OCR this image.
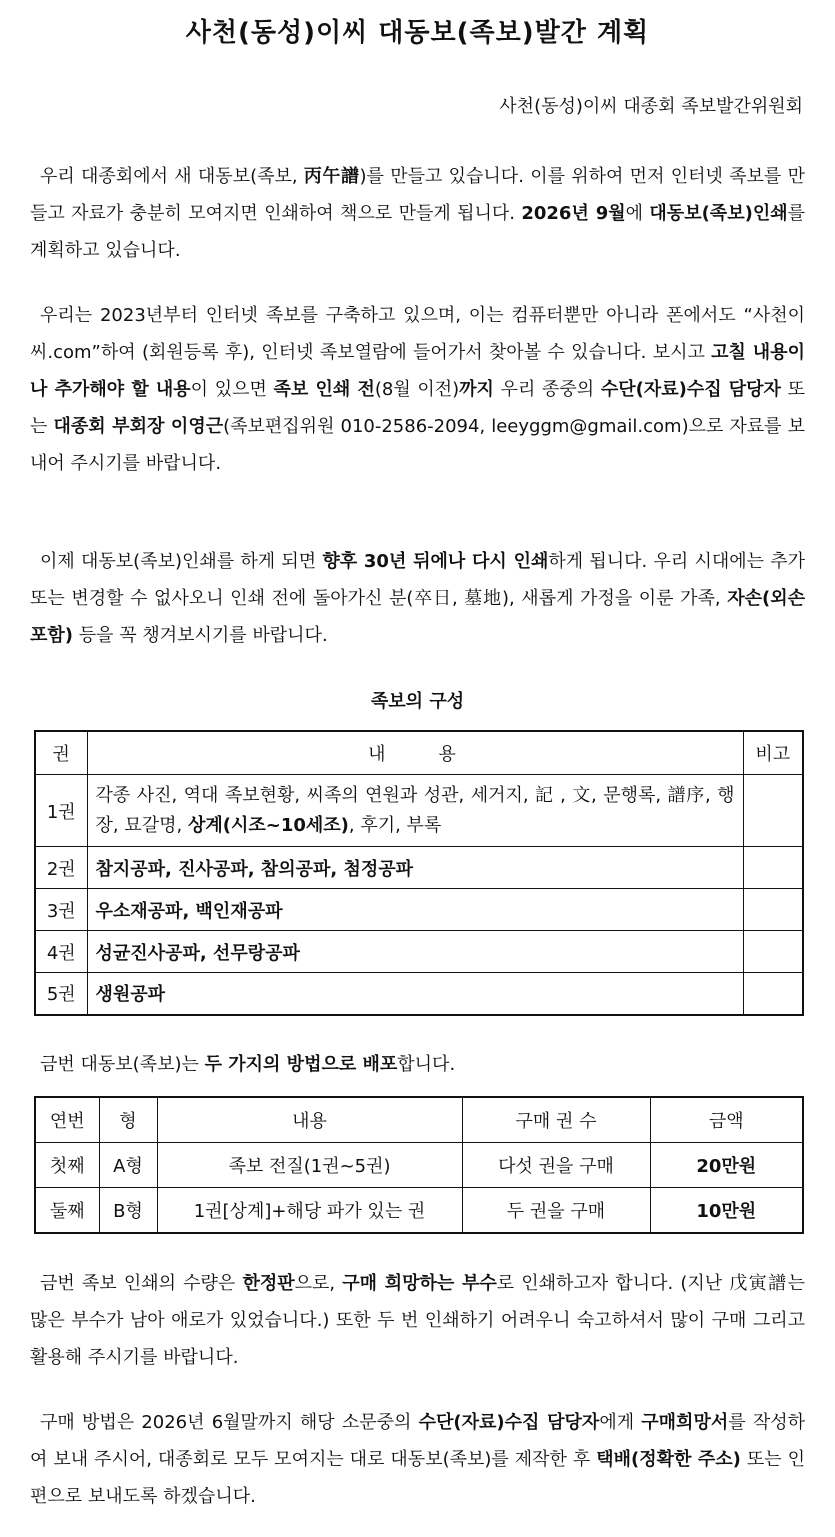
사천(동성)이씨 대동보(족보)발간 계획
사천(동성)이씨 대종회 족보발간위원회

우리 대종회에서 새 대동보(족보, 丙午譜)를 만들고 있습니다. 이를 위하여 먼저 인터넷 족보를 만들고 자료가 충분히 모여지면 인쇄하여 책으로 만들게 됩니다. 2026년 9월에 대동보(족보)인쇄를 계획하고 있습니다.

우리는 2023년부터 인터넷 족보를 구축하고 있으며, 이는 컴퓨터뿐만 아니라 폰에서도 “사천이씨.com”하여 (회원등록 후), 인터넷 족보열람에 들어가서 찾아볼 수 있습니다. 보시고 고칠 내용이나 추가해야 할 내용이 있으면 족보 인쇄 전(8월 이전)까지 우리 종중의 수단(자료)수집 담당자 또는 대종회 부회장 이영근(족보편집위원 010-2586-2094, leeyggm@gmail.com)으로 자료를 보내어 주시기를 바랍니다.

이제 대동보(족보)인쇄를 하게 되면 향후 30년 뒤에나 다시 인쇄하게 됩니다. 우리 시대에는 추가 또는 변경할 수 없사오니 인쇄 전에 돌아가신 분(卒日, 墓地), 새롭게 가정을 이룬 가족, 자손(외손 포함) 등을 꼭 챙겨보시기를 바랍니다.

족보의 구성
권	내    용	비고
1권	각종 사진, 역대 족보현황, 씨족의 연원과 성관, 세거지, 記 , 文, 문행록, 譜序, 행장, 묘갈명, 상계(시조~10세조), 후기, 부록	
2권	참지공파, 진사공파, 참의공파, 첨정공파	
3권	우소재공파, 백인재공파	
4권	성균진사공파, 선무랑공파	
5권	생원공파	
금번 대동보(족보)는 두 가지의 방법으로 배포합니다.
연번	형	내용	구매 권 수	금액
첫째	A형	족보 전질(1권~5권)	다섯 권을 구매	20만원
둘째	B형	1권[상계]+해당 파가 있는 권	두 권을 구매	10만원

금번 족보 인쇄의 수량은 한정판으로, 구매 희망하는 부수로 인쇄하고자 합니다. (지난 戊寅譜는 많은 부수가 남아 애로가 있었습니다.) 또한 두 번 인쇄하기 어려우니 숙고하셔서 많이 구매 그리고 활용해 주시기를 바랍니다.

구매 방법은 2026년 6월말까지 해당 소문중의 수단(자료)수집 담당자에게 구매희망서를 작성하여 보내 주시어, 대종회로 모두 모여지는 대로 대동보(족보)를 제작한 후 택배(정확한 주소) 또는 인편으로 보내도록 하겠습니다.
